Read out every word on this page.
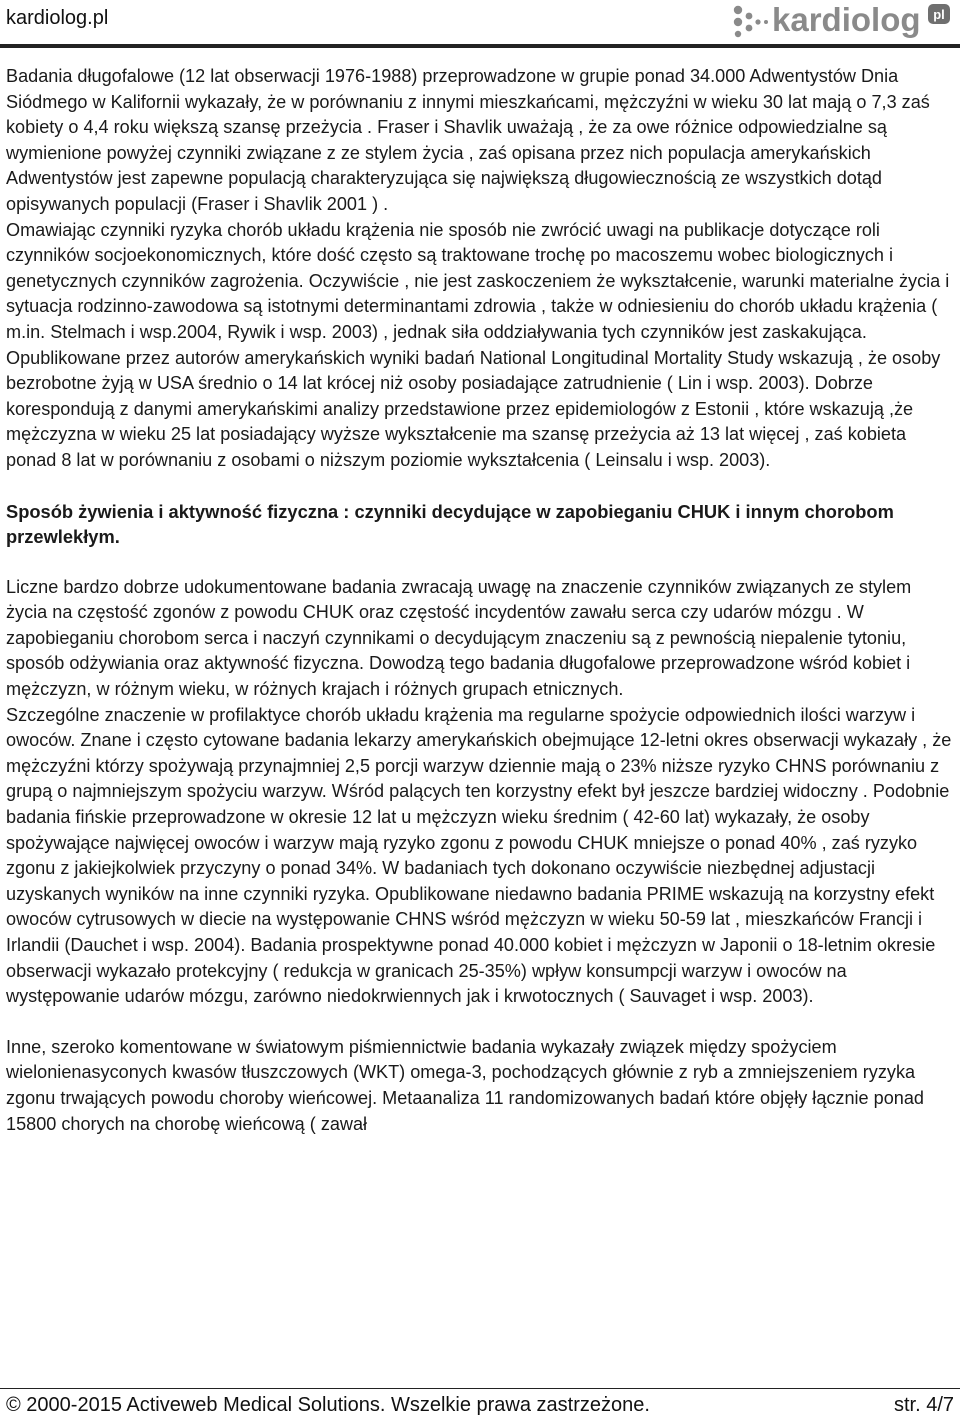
kardiolog.pl	kardiolog pl

Badania długofalowe (12 lat obserwacji 1976-1988) przeprowadzone w grupie ponad 34.000 Adwentystów Dnia Siódmego w Kalifornii wykazały, że w porównaniu z innymi mieszkańcami, mężczyźni w wieku 30 lat mają o 7,3 zaś kobiety o 4,4 roku większą szansę przeżycia . Fraser i Shavlik uważają , że za owe różnice odpowiedzialne są wymienione powyżej czynniki związane z ze stylem życia , zaś opisana przez nich populacja amerykańskich Adwentystów jest zapewne populacją charakteryzująca się największą długowiecznością ze wszystkich dotąd opisywanych populacji (Fraser i Shavlik 2001 ) .

Omawiając czynniki ryzyka chorób układu krążenia nie sposób nie zwrócić uwagi na publikacje dotyczące roli czynników socjoekonomicznych, które dość często są traktowane trochę po macoszemu wobec biologicznych i genetycznych czynników zagrożenia. Oczywiście , nie jest zaskoczeniem że wykształcenie, warunki materialne życia i sytuacja rodzinno-zawodowa są istotnymi determinantami zdrowia , także w odniesieniu do chorób układu krążenia ( m.in. Stelmach i wsp.2004, Rywik i wsp. 2003) , jednak siła oddziaływania tych czynników jest zaskakująca. Opublikowane przez autorów amerykańskich wyniki badań National Longitudinal Mortality Study wskazują , że osoby bezrobotne żyją w USA średnio o 14 lat krócej niż osoby posiadające zatrudnienie ( Lin i wsp. 2003). Dobrze korespondują z danymi amerykańskimi analizy przedstawione przez epidemiologów z Estonii , które wskazują ,że mężczyzna w wieku 25 lat posiadający wyższe wykształcenie ma szansę przeżycia aż 13 lat więcej , zaś kobieta ponad 8 lat w porównaniu z osobami o niższym poziomie wykształcenia ( Leinsalu i wsp. 2003).

Sposób żywienia i aktywność fizyczna : czynniki decydujące w zapobieganiu CHUK i innym chorobom przewlekłym.

Liczne bardzo dobrze udokumentowane badania zwracają uwagę na znaczenie czynników związanych ze stylem życia na częstość zgonów z powodu CHUK oraz częstość incydentów zawału serca czy udarów mózgu . W zapobieganiu chorobom serca i naczyń czynnikami o decydującym znaczeniu są z pewnością niepalenie tytoniu, sposób odżywiania oraz aktywność fizyczna. Dowodzą tego badania długofalowe przeprowadzone wśród kobiet i mężczyzn, w różnym wieku, w różnych krajach i różnych grupach etnicznych.

Szczególne znaczenie w profilaktyce chorób układu krążenia ma regularne spożycie odpowiednich ilości warzyw i owoców. Znane i często cytowane badania lekarzy amerykańskich obejmujące 12-letni okres obserwacji wykazały , że mężczyźni którzy spożywają przynajmniej 2,5 porcji warzyw dziennie mają o 23% niższe ryzyko CHNS porównaniu z grupą o najmniejszym spożyciu warzyw. Wśród palących ten korzystny efekt był jeszcze bardziej widoczny . Podobnie badania fińskie przeprowadzone w okresie 12 lat u mężczyzn wieku średnim ( 42-60 lat) wykazały, że osoby spożywające najwięcej owoców i warzyw mają ryzyko zgonu z powodu CHUK mniejsze o ponad 40% , zaś ryzyko zgonu z jakiejkolwiek przyczyny o ponad 34%. W badaniach tych dokonano oczywiście niezbędnej adjustacji uzyskanych wyników na inne czynniki ryzyka. Opublikowane niedawno badania PRIME wskazują na korzystny efekt owoców cytrusowych w diecie na występowanie CHNS wśród mężczyzn w wieku 50-59 lat , mieszkańców Francji i Irlandii (Dauchet i wsp. 2004). Badania prospektywne ponad 40.000 kobiet i mężczyzn w Japonii o 18-letnim okresie obserwacji wykazało protekcyjny ( redukcja w granicach 25-35%) wpływ konsumpcji warzyw i owoców na występowanie udarów mózgu, zarówno niedokrwiennych jak i krwotocznych ( Sauvaget i wsp. 2003).

Inne, szeroko komentowane w światowym piśmiennictwie badania wykazały związek między spożyciem wielonienasyconych kwasów tłuszczowych (WKT) omega-3, pochodzących głównie z ryb a zmniejszeniem ryzyka zgonu trwających powodu choroby wieńcowej. Metaanaliza 11 randomizowanych badań które objęły łącznie ponad 15800 chorych na chorobę wieńcową ( zawał

© 2000-2015 Activeweb Medical Solutions. Wszelkie prawa zastrzeżone.	str. 4/7
